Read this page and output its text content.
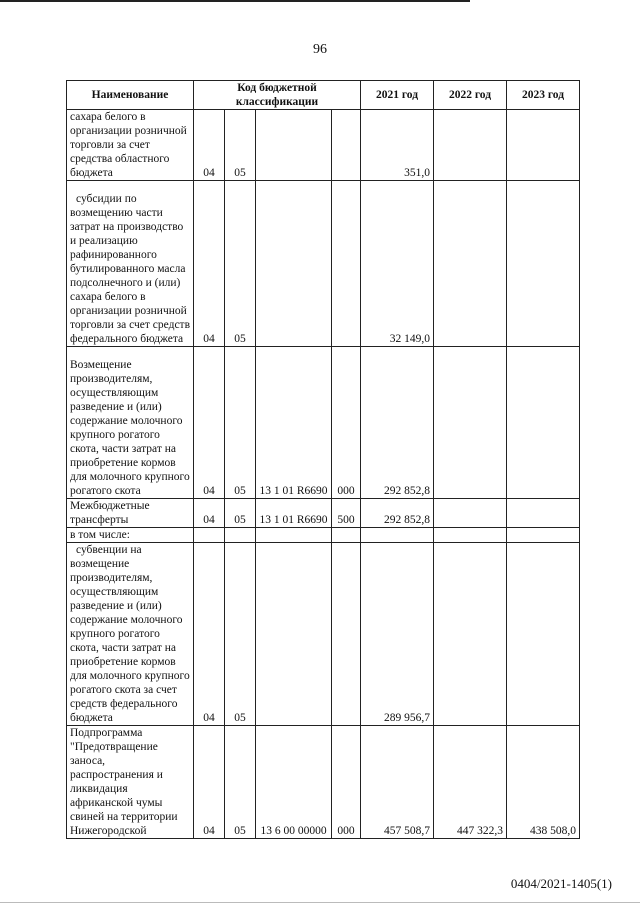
96
Наименование	Код бюджетной классификации				2021 год	2022 год	2023 год
сахара белого в организации розничной торговли за счет средства областного бюджета	04	05			351,0		
субсидии по возмещению части затрат на производство и реализацию рафинированного бутилированного масла подсолнечного и (или) сахара белого в организации розничной торговли за счет средств федерального бюджета	04	05			32 149,0		
Возмещение производителям, осуществляющим разведение и (или) содержание молочного крупного рогатого скота, части затрат на приобретение кормов для молочного крупного рогатого скота	04	05	13 1 01 R6690	000	292 852,8		
Межбюджетные трансферты	04	05	13 1 01 R6690	500	292 852,8		
в том числе:							
субвенции на возмещение производителям, осуществляющим разведение и (или) содержание молочного крупного рогатого скота, части затрат на приобретение кормов для молочного крупного рогатого скота за счет средств федерального бюджета	04	05			289 956,7		
Подпрограмма "Предотвращение заноса, распространения и ликвидация африканской чумы свиней на территории Нижегородской	04	05	13 6 00 00000	000	457 508,7	447 322,3	438 508,0
0404/2021-1405(1)
